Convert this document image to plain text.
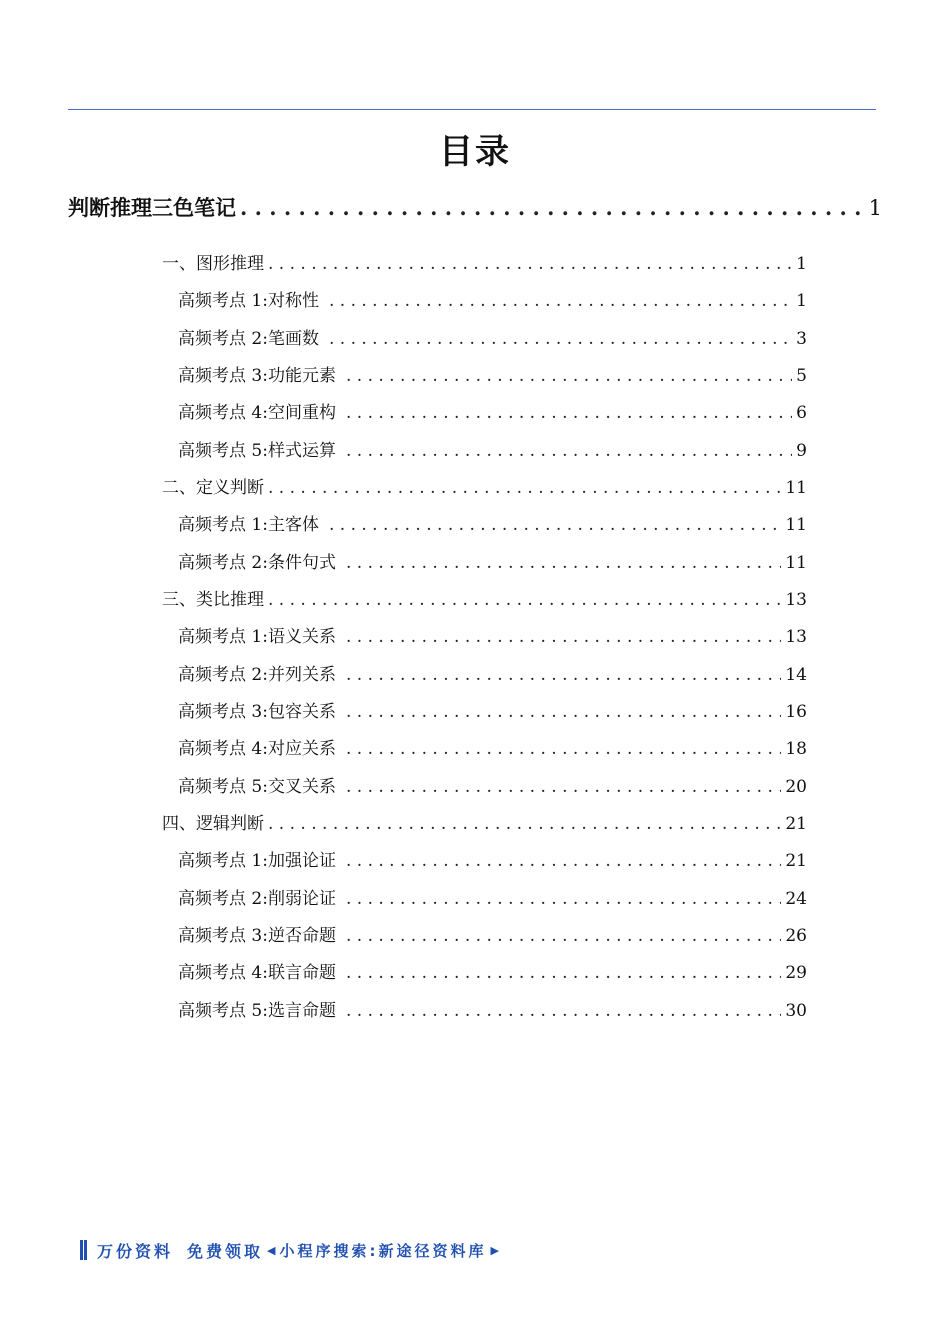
目录
判断推理三色笔记 . . .	1
一、图形推理 . . .	1
高频考点 1:对称性 . . .	1
高频考点 2:笔画数 . . .	3
高频考点 3:功能元素 . . .	5
高频考点 4:空间重构 . . .	6
高频考点 5:样式运算 . . .	9
二、定义判断 . . .	11
高频考点 1:主客体 . . .	11
高频考点 2:条件句式 . . .	11
三、类比推理 . . .	13
高频考点 1:语义关系 . . .	13
高频考点 2:并列关系 . . .	14
高频考点 3:包容关系 . . .	16
高频考点 4:对应关系 . . .	18
高频考点 5:交叉关系 . . .	20
四、逻辑判断 . . .	21
高频考点 1:加强论证 . . .	21
高频考点 2:削弱论证 . . .	24
高频考点 3:逆否命题 . . .	26
高频考点 4:联言命题 . . .	29
高频考点 5:选言命题 . . .	30
万份资料 免费领取 ◀ 小程序搜索:新途径资料库 ▶
